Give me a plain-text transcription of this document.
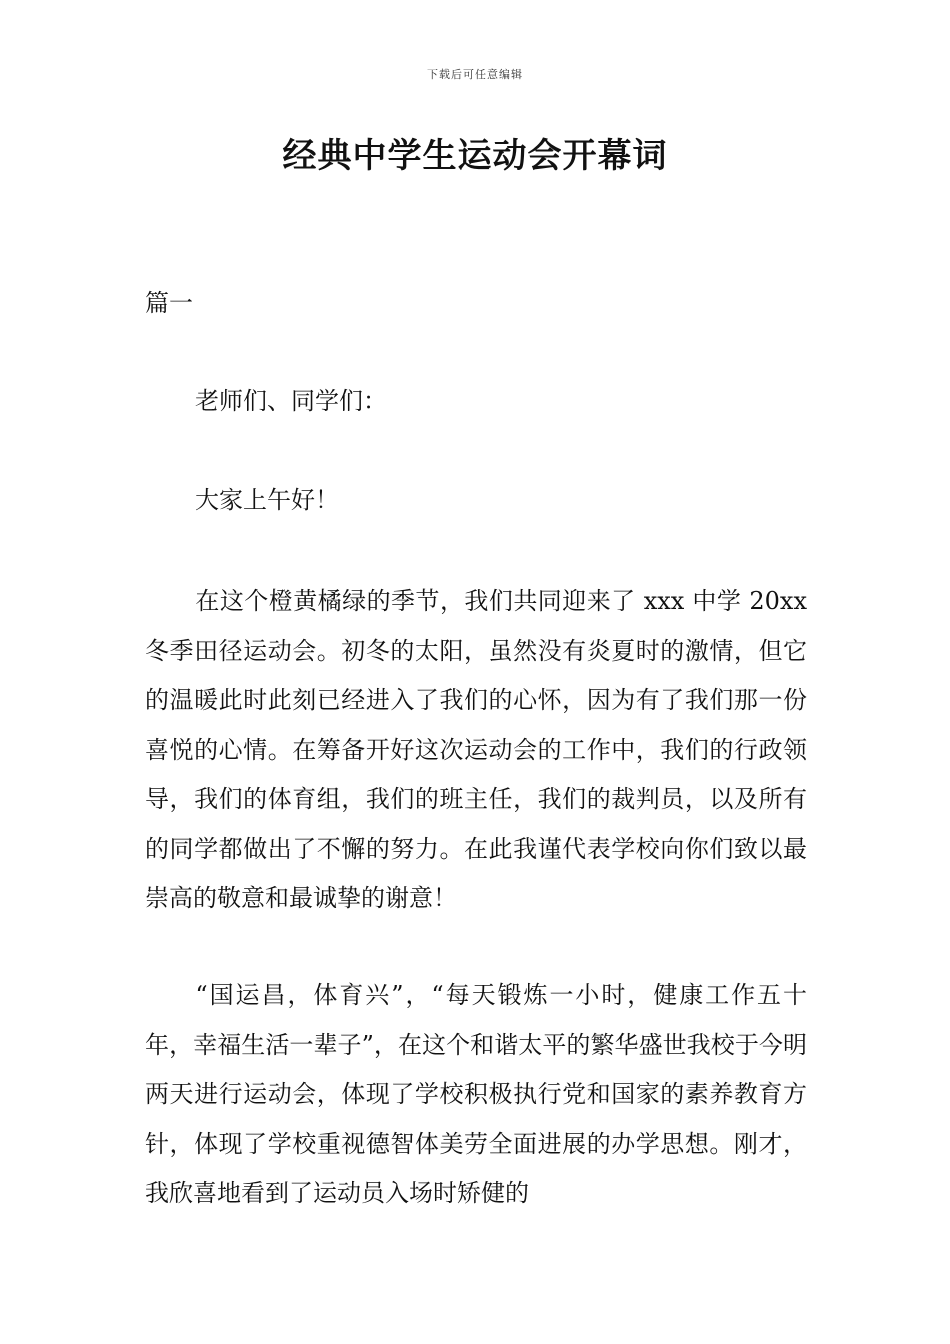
下载后可任意编辑
经典中学生运动会开幕词
篇一
老师们、同学们：
大家上午好！

在这个橙黄橘绿的季节，我们共同迎来了 xxx 中学 20xx 冬季田径运动会。初冬的太阳，虽然没有炎夏时的激情，但它的温暖此时此刻已经进入了我们的心怀，因为有了我们那一份喜悦的心情。在筹备开好这次运动会的工作中，我们的行政领导，我们的体育组，我们的班主任，我们的裁判员，以及所有的同学都做出了不懈的努力。在此我谨代表学校向你们致以最崇高的敬意和最诚挚的谢意！

“国运昌，体育兴”，“每天锻炼一小时，健康工作五十年，幸福生活一辈子”，在这个和谐太平的繁华盛世我校于今明两天进行运动会，体现了学校积极执行党和国家的素养教育方针，体现了学校重视德智体美劳全面进展的办学思想。刚才，我欣喜地看到了运动员入场时矫健的
